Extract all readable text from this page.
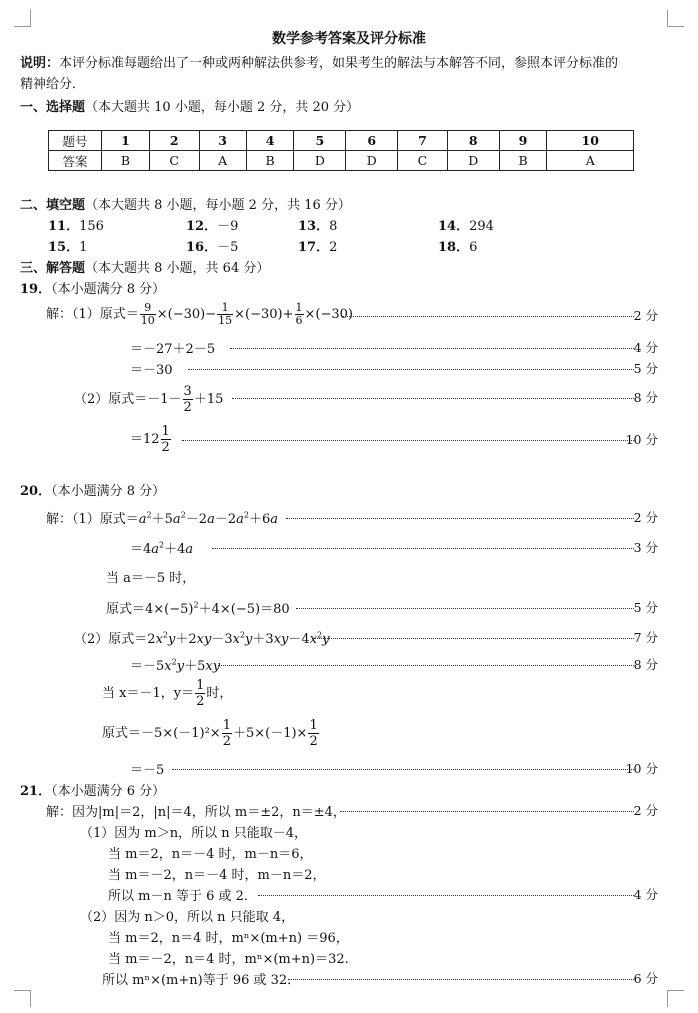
数学参考答案及评分标准
说明：本评分标准每题给出了一种或两种解法供参考，如果考生的解法与本解答不同，参照本评分标准的
精神给分．
一、选择题（本大题共 10 小题，每小题 2 分，共 20 分）
题号	1	2	3	4	5	6	7	8	9	10
答案	B	C	A	B	D	D	C	D	B	A
二、填空题（本大题共 8 小题，每小题 2 分，共 16 分）
11．156	12．－9	13．8	14．294
15．1	16．－5	17．2	18．6
三、解答题（本大题共 8 小题，共 64 分）
19．（本小题满分 8 分）
解：（1）原式＝ $\frac{9}{10} \times(-30)- \frac{1}{15} \times(-30)+ \frac{1}{6} \times(-30)$	2 分
＝－27＋2－5	4 分
＝－30	5 分
（2）原式$=-1- \frac{3}{2} +15$	8 分
$=12 \frac{1}{2}$	10 分
20．（本小题满分 8 分）
解：（1）原式$=a^2+5a^2-2a-2a^2+6a$	2 分
$=4a^2+4a$	3 分
当 a＝－5 时，
原式$=4\times(-5)^2+4\times(-5)=80$	5 分
（2）原式$=2x^2y+2xy-3x^2y+3xy-4x^2y$	7 分
$=-5x^2y+5xy$	8 分
当 x＝－1，$y= \frac{1}{2}$ 时，
原式$=-5\times(-1)^2\times \frac{1}{2} +5\times(-1)\times \frac{1}{2}$
＝－5	10 分
21．（本小题满分 6 分）
解：因为|m|＝2，|n|＝4，所以 m＝±2，n＝±4，	2 分
（1）因为 m＞n，所以 n 只能取－4，
当 m＝2，n＝－4 时，m－n＝6，
当 m＝－2，n＝－4 时，m－n＝2，
所以 m－n 等于 6 或 2．	4 分
（2）因为 n＞0，所以 n 只能取 4，
当 m＝2，n＝4 时，mⁿ×(m+n) ＝96，
当 m＝－2，n＝4 时，mⁿ×(m+n)＝32.
所以 mⁿ×(m+n)等于 96 或 32．	6 分
